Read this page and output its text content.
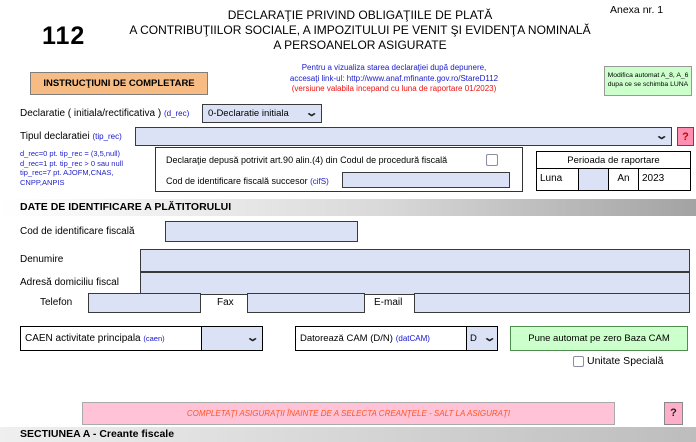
Anexa nr. 1
112
DECLARAŢIE PRIVIND OBLIGAŢIILE DE PLATĂ
A CONTRIBUŢIILOR SOCIALE, A IMPOZITULUI PE VENIT ŞI EVIDENŢA NOMINALĂ
A PERSOANELOR ASIGURATE
INSTRUCŢIUNI DE COMPLETARE
Pentru a vizualiza starea declaraţiei după depunere,
accesaţi link-ul: http://www.anaf.mfinante.gov.ro/StareD112
(versiune valabila incepand cu luna de raportare 01/2023)
Modifica automat A_8, A_6
dupa ce se schimba LUNA
Declaratie ( initiala/rectificativa ) (d_rec) 0-Declaratie initiala ⌄
Tipul declaratiei (tip_rec)	⌄	?
d_rec=0 pt. tip_rec = (3,5,null)
d_rec=1 pt. tip_rec > 0 sau null
tip_rec=7 pt. AJOFM,CNAS,
CNPP,ANPIS
Declaraţie depusă potrivit art.90 alin.(4) din Codul de procedură fiscală
Cod de identificare fiscală succesor (cifS)
Perioada de raportare
Luna	An	2023
DATE DE IDENTIFICARE A PLĂTITORULUI
Cod de identificare fiscală
Denumire
Adresă domiciliu fiscal
Telefon	Fax	E-mail
CAEN activitate principala (caen)	⌄	Datorează CAM (D/N) (datCAM)	D ⌄	Pune automat pe zero Baza CAM
Unitate Specială
COMPLETAŢI ASIGURAŢII ÎNAINTE DE A SELECTA CREANŢELE - SALT LA ASIGURAŢI	?
SECTIUNEA A - Creante fiscale
